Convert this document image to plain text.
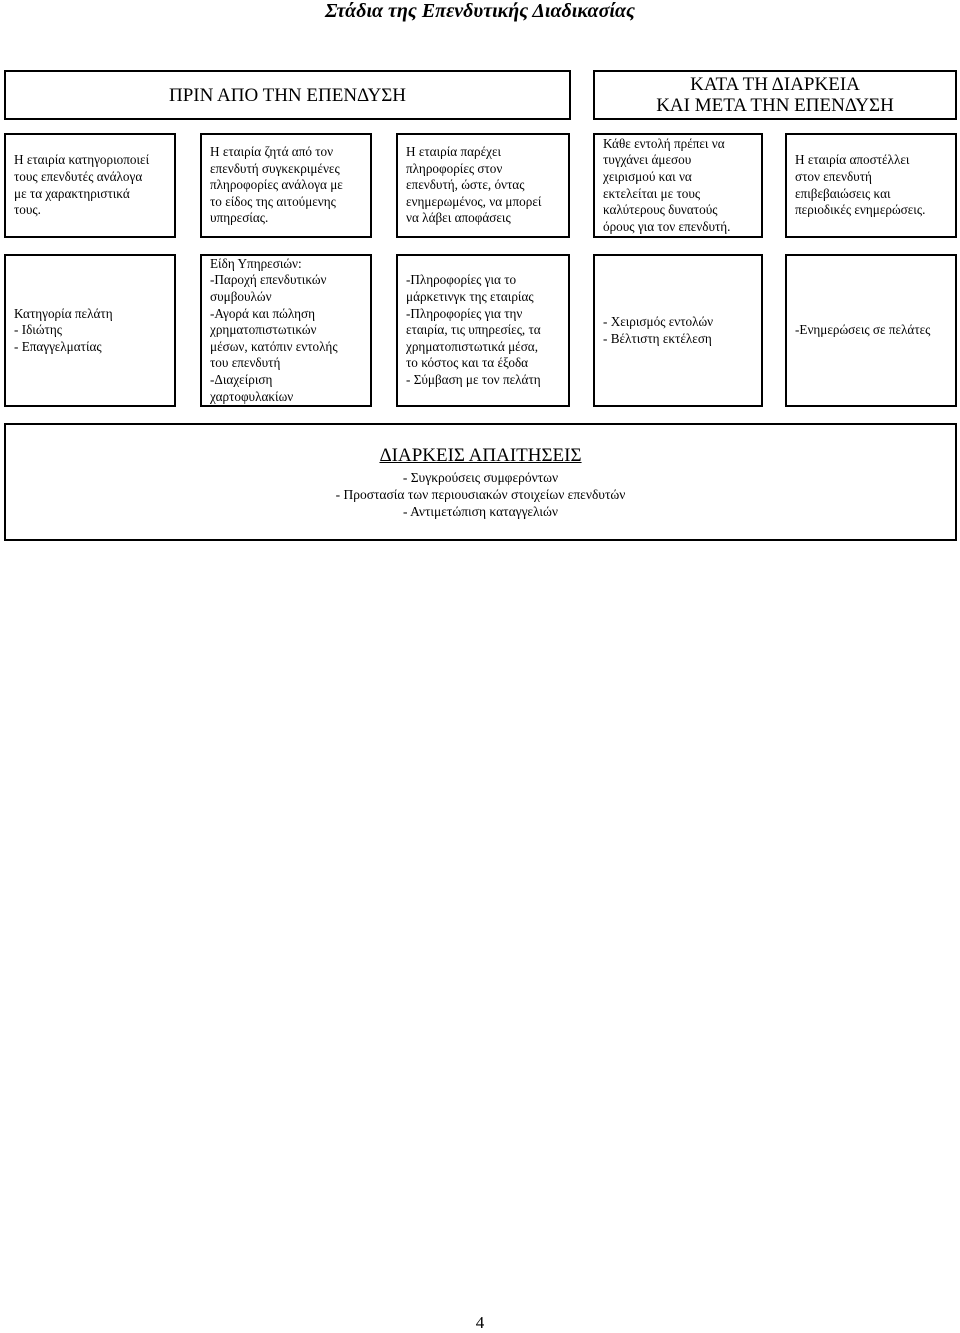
Στάδια της Επενδυτικής Διαδικασίας
ΠΡΙΝ ΑΠΟ ΤΗΝ ΕΠΕΝΔΥΣΗ	ΚΑΤΑ ΤΗ ΔΙΑΡΚΕΙΑ
ΚΑΙ ΜΕΤΑ ΤΗΝ ΕΠΕΝΔΥΣΗ
Η εταιρία κατηγοριοποιεί
τους επενδυτές ανάλογα
με τα χαρακτηριστικά
τους.
Η εταιρία ζητά από τον
επενδυτή συγκεκριμένες
πληροφορίες ανάλογα με
το είδος της αιτούμενης
υπηρεσίας.
Η εταιρία παρέχει
πληροφορίες στον
επενδυτή, ώστε, όντας
ενημερωμένος, να μπορεί
να λάβει αποφάσεις
Κάθε εντολή πρέπει να
τυγχάνει άμεσου
χειρισμού και να
εκτελείται με τους
καλύτερους δυνατούς
όρους για τον επενδυτή.
Η εταιρία αποστέλλει
στον επενδυτή
επιβεβαιώσεις και
περιοδικές ενημερώσεις.
Κατηγορία πελάτη
- Ιδιώτης
- Επαγγελματίας
Είδη Υπηρεσιών:
-Παροχή επενδυτικών
συμβουλών
-Αγορά και πώληση
χρηματοπιστωτικών
μέσων, κατόπιν εντολής
του επενδυτή
-Διαχείριση
χαρτοφυλακίων
-Πληροφορίες για το
μάρκετινγκ της εταιρίας
-Πληροφορίες για την
εταιρία, τις υπηρεσίες, τα
χρηματοπιστωτικά μέσα,
το κόστος και τα έξοδα
- Σύμβαση με τον πελάτη
- Χειρισμός εντολών
- Βέλτιστη εκτέλεση
-Ενημερώσεις σε πελάτες
ΔΙΑΡΚΕΙΣ ΑΠΑΙΤΗΣΕΙΣ
- Συγκρούσεις συμφερόντων
- Προστασία των περιουσιακών στοιχείων επενδυτών
- Αντιμετώπιση καταγγελιών
4
